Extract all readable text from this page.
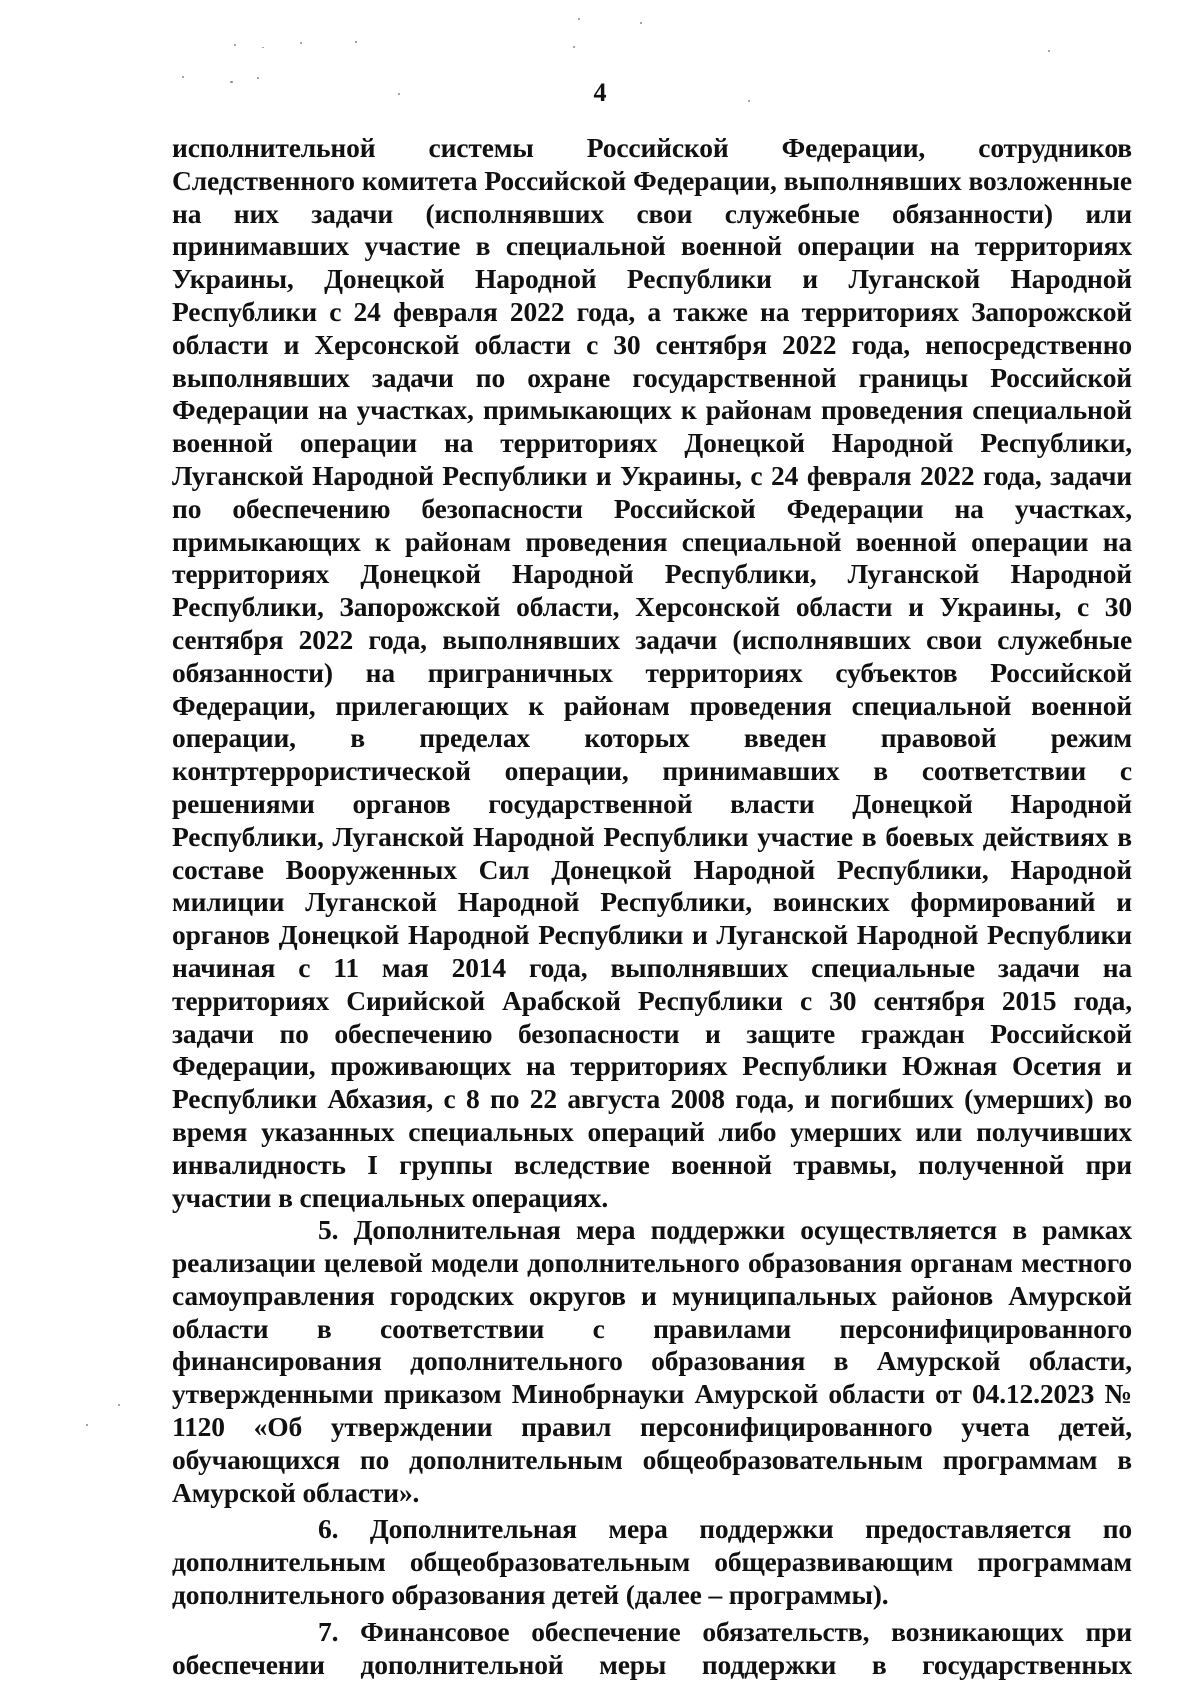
4

исполнительной системы Российской Федерации, сотрудников Следственного комитета Российской Федерации, выполнявших возложенные на них задачи (исполнявших свои служебные обязанности) или принимавших участие в специальной военной операции на территориях Украины, Донецкой Народной Республики и Луганской Народной Республики с 24 февраля 2022 года, а также на территориях Запорожской области и Херсонской области с 30 сентября 2022 года, непосредственно выполнявших задачи по охране государственной границы Российской Федерации на участках, примыкающих к районам проведения специальной военной операции на территориях Донецкой Народной Республики, Луганской Народной Республики и Украины, с 24 февраля 2022 года, задачи по обеспечению безопасности Российской Федерации на участках, примыкающих к районам проведения специальной военной операции на территориях Донецкой Народной Республики, Луганской Народной Республики, Запорожской области, Херсонской области и Украины, с 30 сентября 2022 года, выполнявших задачи (исполнявших свои служебные обязанности) на приграничных территориях субъектов Российской Федерации, прилегающих к районам проведения специальной военной операции, в пределах которых введен правовой режим контртеррористической операции, принимавших в соответствии с решениями органов государственной власти Донецкой Народной Республики, Луганской Народной Республики участие в боевых действиях в составе Вооруженных Сил Донецкой Народной Республики, Народной милиции Луганской Народной Республики, воинских формирований и органов Донецкой Народной Республики и Луганской Народной Республики начиная с 11 мая 2014 года, выполнявших специальные задачи на территориях Сирийской Арабской Республики с 30 сентября 2015 года, задачи по обеспечению безопасности и защите граждан Российской Федерации, проживающих на территориях Республики Южная Осетия и Республики Абхазия, с 8 по 22 августа 2008 года, и погибших (умерших) во время указанных специальных операций либо умерших или получивших инвалидность I группы вследствие военной травмы, полученной при участии в специальных операциях.

5. Дополнительная мера поддержки осуществляется в рамках реализации целевой модели дополнительного образования органам местного самоуправления городских округов и муниципальных районов Амурской области в соответствии с правилами персонифицированного финансирования дополнительного образования в Амурской области, утвержденными приказом Минобрнауки Амурской области от 04.12.2023 № 1120 «Об утверждении правил персонифицированного учета детей, обучающихся по дополнительным общеобразовательным программам в Амурской области».

6. Дополнительная мера поддержки предоставляется по дополнительным общеобразовательным общеразвивающим программам дополнительного образования детей (далее – программы).

7. Финансовое обеспечение обязательств, возникающих при обеспечении дополнительной меры поддержки в государственных
